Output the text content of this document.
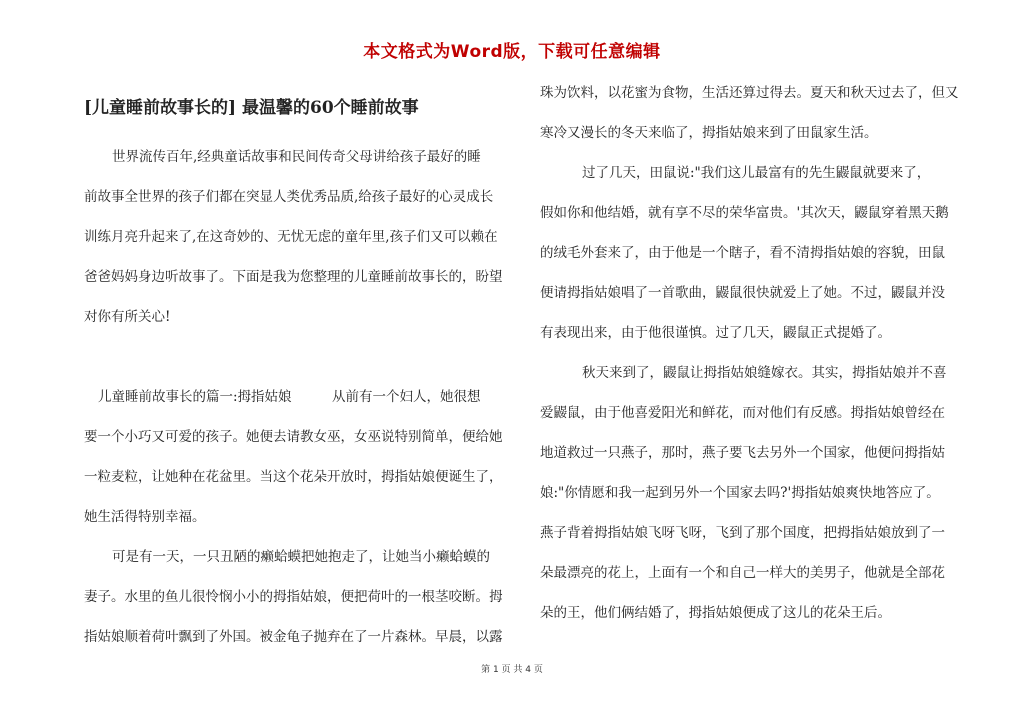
本文格式为Word版，下载可任意编辑
[儿童睡前故事长的] 最温馨的60个睡前故事
世界流传百年,经典童话故事和民间传奇父母讲给孩子最好的睡
前故事全世界的孩子们都在突显人类优秀品质,给孩子最好的心灵成长
训练月亮升起来了,在这奇妙的、无忧无虑的童年里,孩子们又可以赖在
爸爸妈妈身边听故事了。下面是我为您整理的儿童睡前故事长的，盼望
对你有所关心!
儿童睡前故事长的篇一:拇指姑娘　　　从前有一个妇人，她很想
要一个小巧又可爱的孩子。她便去请教女巫，女巫说特别简单，便给她
一粒麦粒，让她种在花盆里。当这个花朵开放时，拇指姑娘便诞生了，
她生活得特别幸福。
可是有一天，一只丑陋的癞蛤蟆把她抱走了，让她当小癞蛤蟆的
妻子。水里的鱼儿很怜悯小小的拇指姑娘，便把荷叶的一根茎咬断。拇
指姑娘顺着荷叶飘到了外国。被金龟子抛弃在了一片森林。早晨，以露
珠为饮料，以花蜜为食物，生活还算过得去。夏天和秋天过去了，但又
寒冷又漫长的冬天来临了，拇指姑娘来到了田鼠家生活。
过了几天，田鼠说:"我们这儿最富有的先生鼹鼠就要来了，
假如你和他结婚，就有享不尽的荣华富贵。'其次天，鼹鼠穿着黑天鹅
的绒毛外套来了，由于他是一个瞎子，看不清拇指姑娘的容貌，田鼠
便请拇指姑娘唱了一首歌曲，鼹鼠很快就爱上了她。不过，鼹鼠并没
有表现出来，由于他很谨慎。过了几天，鼹鼠正式提婚了。
秋天来到了，鼹鼠让拇指姑娘缝嫁衣。其实，拇指姑娘并不喜
爱鼹鼠，由于他喜爱阳光和鲜花，而对他们有反感。拇指姑娘曾经在
地道救过一只燕子，那时，燕子要飞去另外一个国家，他便问拇指姑
娘:"你情愿和我一起到另外一个国家去吗?'拇指姑娘爽快地答应了。
燕子背着拇指姑娘飞呀飞呀，飞到了那个国度，把拇指姑娘放到了一
朵最漂亮的花上，上面有一个和自己一样大的美男子，他就是全部花
朵的王，他们俩结婚了，拇指姑娘便成了这儿的花朵王后。
第 1 页 共 4 页
